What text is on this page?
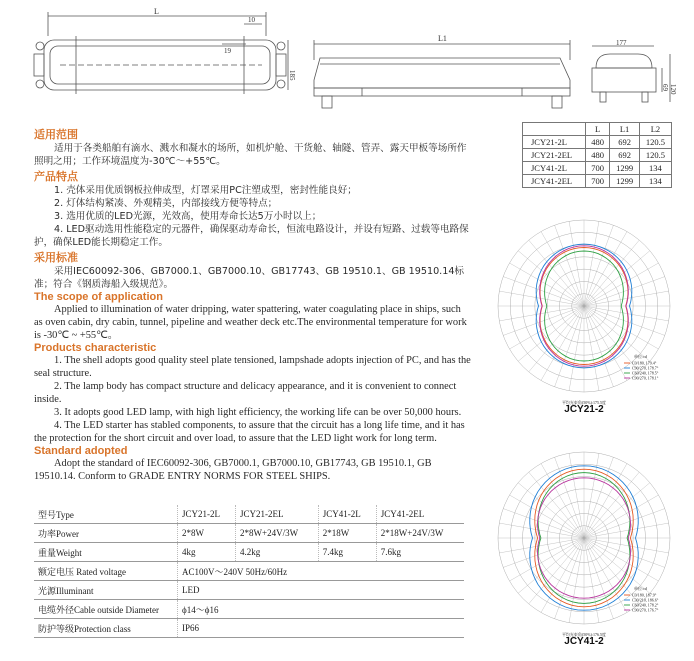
L
10
19
185
L1	177
69 120
	L	L1	L2
JCY21-2L	480	692	120.5
JCY21-2EL	480	692	120.5
JCY41-2L	700	1299	134
JCY41-2EL	700	1299	134
适用范围
适用于各类船舶有滴水、溅水和凝水的场所，如机炉舱、干货舱、轴隧、管弄、露天甲板等场所作照明之用；工作环境温度为-30℃～+55℃。
产品特点
1. 壳体采用优质钢板拉伸成型，灯罩采用PC注塑成型，密封性能良好；
2. 灯体结构紧凑、外观精美，内部接线方便等特点；
3. 选用优质的LED光源，光效高，使用寿命长达5万小时以上；
4. LED驱动选用性能稳定的元器件，确保驱动寿命长，恒流电路设计，并设有短路、过载等电路保护，确保LED能长期稳定工作。
采用标准
采用IEC60092-306、GB7000.1、GB7000.10、GB17743、GB 19510.1、GB 19510.14标准；符合《钢质海船入级规范》。
The scope of application
Applied to illumination of water dripping, water spattering, water coagulating place in ships, such as oven cabin, dry cabin, tunnel, pipeline and weather deck etc.The environmental temperature for work is -30℃ ~ +55℃。
Products characteristic
1. The shell adopts good quality steel plate tensioned, lampshade adopts injection of PC, and has the seal structure.
2. The lamp body has compact structure and delicacy appearance, and it is convenient to connect inside.
3. It adopts good LED lamp, with high light efficiency, the working life can be over 50,000 hours.
4. The LED starter has stabled components, to assure that the circuit has a long life time, and it has the protection for the short circuit and over load, to assure that the LED light work for long term.
Standard adopted
Adopt the standard of IEC60092-306, GB7000.1, GB7000.10, GB17743, GB 19510.1, GB 19510.14. Conform to GRADE ENTRY NORMS FOR STEEL SHIPS.
型号Type	JCY21-2L	JCY21-2EL	JCY41-2L	JCY41-2EL
功率Power	2*8W	2*8W+24V/3W	2*18W	2*18W+24V/3W
重量Weight	4kg	4.2kg	7.4kg	7.6kg
额定电压 Rated voltage	AC100V～240V 50Hz/60Hz			
光源Illuminant	LED			
电缆外径Cable outside Diameter	ϕ14～ϕ16			
防护等级Protection class	IP66			
单位:cd
C0/180, 179.4°
C90/270, 178.7°
C60/240, 178.5°
C90/270, 178.1°
平均光束角(50%):175.5度
JCY21-2
单位:cd
C0/180, 187.9°
C30/210, 186.6°
C60/240, 178.2°
C90/270, 176.7°
平均光束角(50%):176.5度
JCY41-2
